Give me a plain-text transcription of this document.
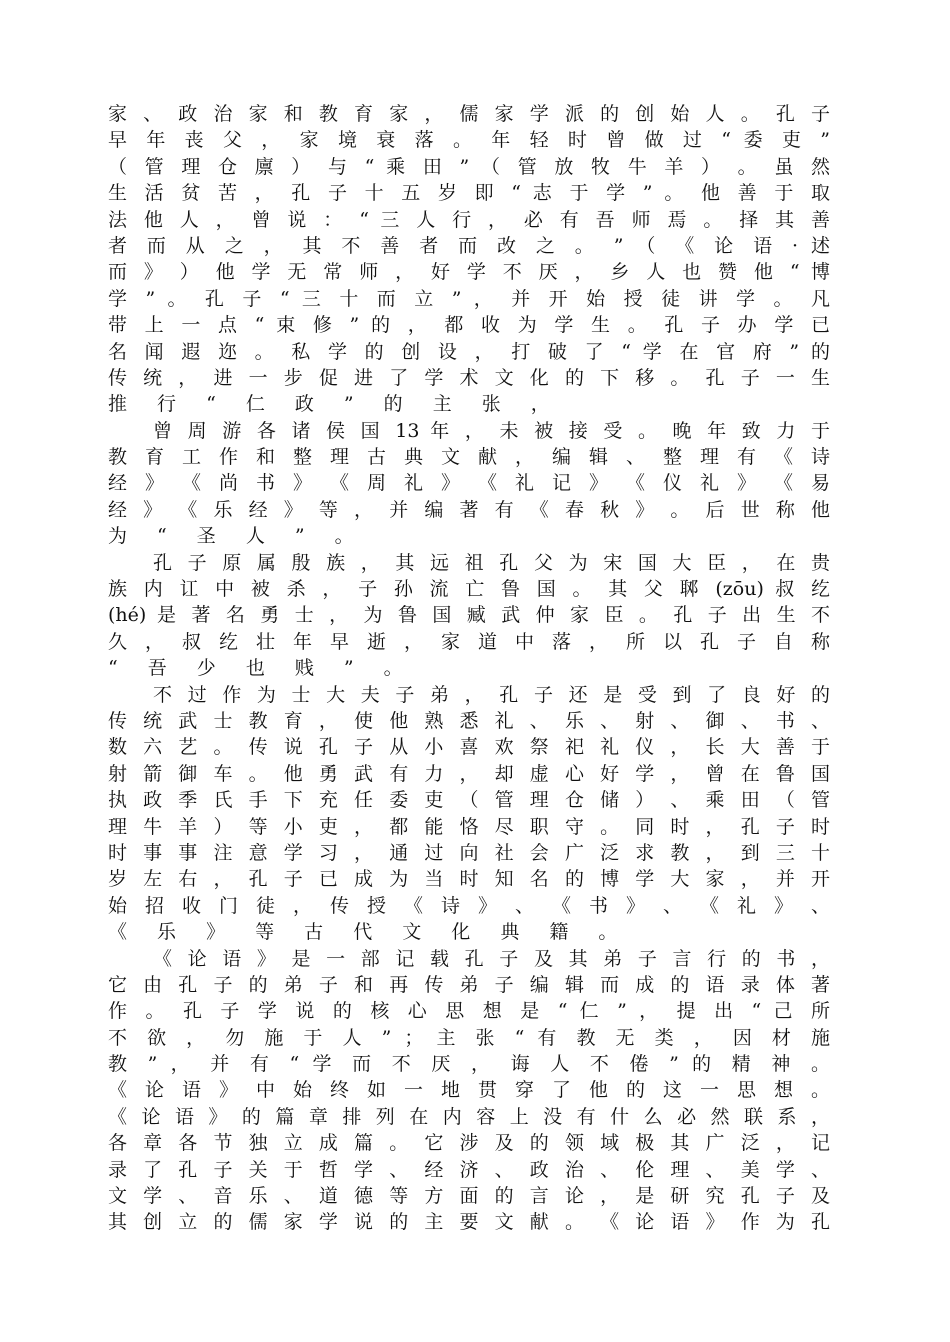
家 、 政 治 家 和 教 育 家 ， 儒 家 学 派 的 创 始 人 。 孔 子
早 年 丧 父 ， 家 境 衰 落 。 年 轻 时 曾 做 过 “ 委 吏 ”
（ 管 理 仓 廪 ） 与 “ 乘 田 ” （ 管 放 牧 牛 羊 ） 。 虽 然
生 活 贫 苦 ， 孔 子 十 五 岁 即 “ 志 于 学 ” 。 他 善 于 取
法 他 人 ， 曾 说 ： “ 三 人 行 ， 必 有 吾 师 焉 。 择 其 善
者 而 从 之 ， 其 不 善 者 而 改 之 。 ” （ 《 论 语 · 述
而 》 ） 他 学 无 常 师 ， 好 学 不 厌 ， 乡 人 也 赞 他 “ 博
学 ” 。 孔 子 “ 三 十 而 立 ” ， 并 开 始 授 徒 讲 学 。 凡
带 上 一 点 “ 束 修 ” 的 ， 都 收 为 学 生 。 孔 子 办 学 已
名 闻 遐 迩 。 私 学 的 创 设 ， 打 破 了 “ 学 在 官 府 ” 的
传 统 ， 进 一 步 促 进 了 学 术 文 化 的 下 移 。 孔 子 一 生
推 行 “ 仁 政 ” 的 主 张 ，
曾 周 游 各 诸 侯 国 13 年 ， 未 被 接 受 。 晚 年 致 力 于
教 育 工 作 和 整 理 古 典 文 献 ， 编 辑 、 整 理 有 《 诗
经 》 《 尚 书 》 《 周 礼 》 《 礼 记 》 《 仪 礼 》 《 易
经 》 《 乐 经 》 等 ， 并 编 著 有 《 春 秋 》 。 后 世 称 他
为 “ 圣 人 ” 。
孔 子 原 属 殷 族 ， 其 远 祖 孔 父 为 宋 国 大 臣 ， 在 贵
族 内 讧 中 被 杀 ， 子 孙 流 亡 鲁 国 。 其 父 郰 (zōu) 叔 纥
(hé) 是 著 名 勇 士 ， 为 鲁 国 臧 武 仲 家 臣 。 孔 子 出 生 不
久 ， 叔 纥 壮 年 早 逝 ， 家 道 中 落 ， 所 以 孔 子 自 称
“ 吾 少 也 贱 ” 。
不 过 作 为 士 大 夫 子 弟 ， 孔 子 还 是 受 到 了 良 好 的
传 统 武 士 教 育 ， 使 他 熟 悉 礼 、 乐 、 射 、 御 、 书 、
数 六 艺 。 传 说 孔 子 从 小 喜 欢 祭 祀 礼 仪 ， 长 大 善 于
射 箭 御 车 。 他 勇 武 有 力 ， 却 虚 心 好 学 ， 曾 在 鲁 国
执 政 季 氏 手 下 充 任 委 吏 （ 管 理 仓 储 ） 、 乘 田 （ 管
理 牛 羊 ） 等 小 吏 ， 都 能 恪 尽 职 守 。 同 时 ， 孔 子 时
时 事 事 注 意 学 习 ， 通 过 向 社 会 广 泛 求 教 ， 到 三 十
岁 左 右 ， 孔 子 已 成 为 当 时 知 名 的 博 学 大 家 ， 并 开
始 招 收 门 徒 ， 传 授 《 诗 》 、 《 书 》 、 《 礼 》 、
《 乐 》 等 古 代 文 化 典 籍 。
《 论 语 》 是 一 部 记 载 孔 子 及 其 弟 子 言 行 的 书 ，
它 由 孔 子 的 弟 子 和 再 传 弟 子 编 辑 而 成 的 语 录 体 著
作 。 孔 子 学 说 的 核 心 思 想 是 “ 仁 ” ， 提 出 “ 己 所
不 欲 ， 勿 施 于 人 ” ； 主 张 “ 有 教 无 类 ， 因 材 施
教 ” ， 并 有 “ 学 而 不 厌 ， 诲 人 不 倦 ” 的 精 神 。
《 论 语 》 中 始 终 如 一 地 贯 穿 了 他 的 这 一 思 想 。
《 论 语 》 的 篇 章 排 列 在 内 容 上 没 有 什 么 必 然 联 系 ，
各 章 各 节 独 立 成 篇 。 它 涉 及 的 领 域 极 其 广 泛 ， 记
录 了 孔 子 关 于 哲 学 、 经 济 、 政 治 、 伦 理 、 美 学 、
文 学 、 音 乐 、 道 德 等 方 面 的 言 论 ， 是 研 究 孔 子 及
其 创 立 的 儒 家 学 说 的 主 要 文 献 。 《 论 语 》 作 为 孔
